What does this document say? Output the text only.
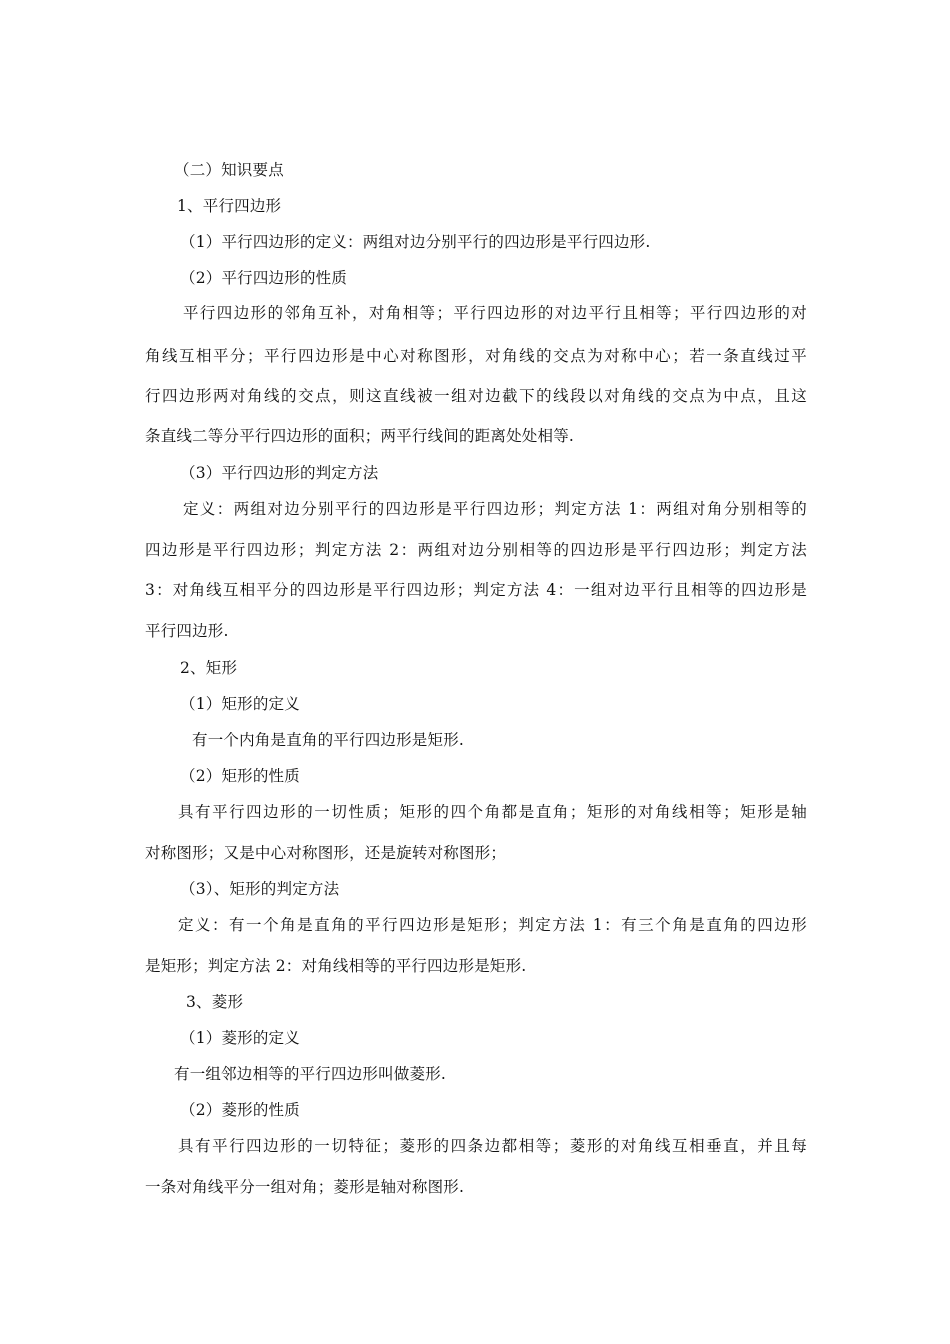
（二）知识要点
1、平行四边形
（1）平行四边形的定义：两组对边分别平行的四边形是平行四边形.
（2）平行四边形的性质
平行四边形的邻角互补，对角相等；平行四边形的对边平行且相等；平行四边形的对
角线互相平分；平行四边形是中心对称图形，对角线的交点为对称中心；若一条直线过平
行四边形两对角线的交点，则这直线被一组对边截下的线段以对角线的交点为中点，且这
条直线二等分平行四边形的面积；两平行线间的距离处处相等.
（3）平行四边形的判定方法
定义：两组对边分别平行的四边形是平行四边形；判定方法 1：两组对角分别相等的
四边形是平行四边形；判定方法 2：两组对边分别相等的四边形是平行四边形；判定方法
3：对角线互相平分的四边形是平行四边形；判定方法 4：一组对边平行且相等的四边形是
平行四边形.
2、矩形
（1）矩形的定义
有一个内角是直角的平行四边形是矩形.
（2）矩形的性质
具有平行四边形的一切性质；矩形的四个角都是直角；矩形的对角线相等；矩形是轴
对称图形；又是中心对称图形，还是旋转对称图形；
（3）、矩形的判定方法
定义：有一个角是直角的平行四边形是矩形；判定方法 1：有三个角是直角的四边形
是矩形；判定方法 2：对角线相等的平行四边形是矩形.
3、菱形
（1）菱形的定义
有一组邻边相等的平行四边形叫做菱形.
（2）菱形的性质
具有平行四边形的一切特征；菱形的四条边都相等；菱形的对角线互相垂直，并且每
一条对角线平分一组对角；菱形是轴对称图形.
